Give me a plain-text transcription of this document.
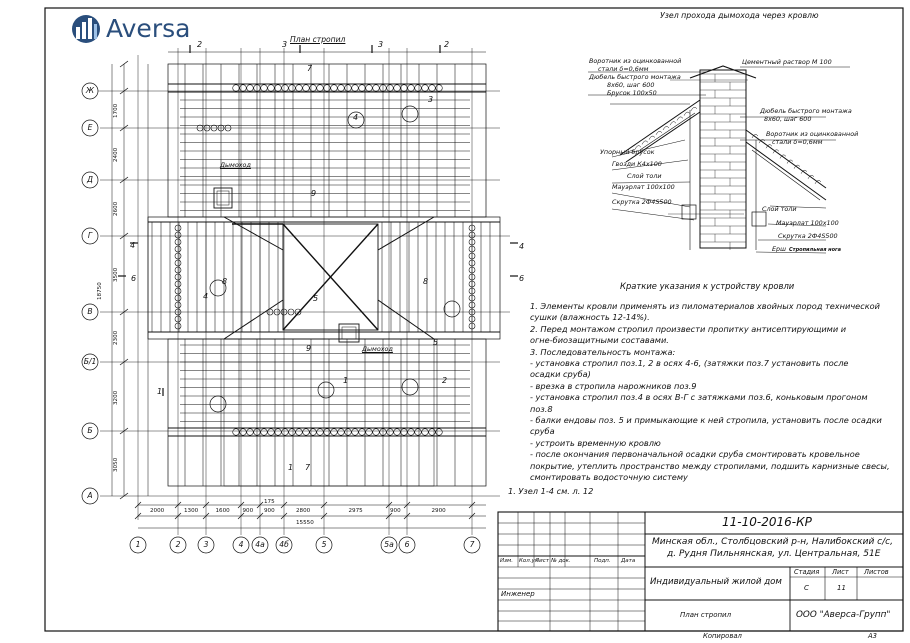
Aversa	План стропил
Дымоход
Дымоход
2	3	3	2
7
4
3
9
6	6
4
4
4
8	8
5
5
9
1	2
1
1 7
1700
2400
2600
3500
2300
3200
3050
18750
2000	1300	1600 900 900	2800	2975	900	2900
15550
175
Ж
Е
Д
Г
В
Б/1
Б
А
1	2	3	4	4а	4б	5	5а	6	7
Узел прохода дымохода через кровлю
Воротник из оцинкованной
стали δ=0,6мм
Дюбель быстрого монтажа
8х60, шаг 600
Брусок 100х50
Упорный брусок
Гвозди К4х100
Слой толи
Мауэрлат 100х100
Скрутка 2Ф4S500
Цементный раствор М 100
Дюбель быстрого монтажа
8х60, шаг 600
Воротник из оцинкованной
стали δ=0,6мм
Слой толи
Мауэрлат 100х100
Скрутка 2Ф4S500
Ерш Стропильная нога
Краткие указания к устройству кровли
1. Элементы кровли применять из пиломатериалов хвойных пород технической
сушки (влажность 12-14%).
2. Перед монтажом стропил произвести пропитку антисептирующими и
огне-биозащитными составами.
3. Последовательность монтажа:
- установка стропил поз.1, 2 в осях 4-6, (затяжки поз.7 установить после
осадки сруба)
- врезка в стропила нарожников поз.9
- установка стропил поз.4 в осях В-Г с затяжками поз.6, коньковым прогоном
поз.8
- балки ендовы поз. 5 и примыкающие к ней стропила, установить после осадки
сруба
- устроить временную кровлю
- после окончания первоначальной осадки сруба смонтировать кровельное
покрытие, утеплить пространство между стропилами, подшить карнизные свесы,
смонтировать водосточную систему
1. Узел 1-4 см. л. 12
11-10-2016-КР
Минская обл., Столбцовский р-н, Налибокский с/с,
д. Рудня Пильнянская, ул. Центральная, 51Е
Изм. Кол.уч
Лист № док.	Подп. Дата
Индивидуальный жилой дом
Стадия Лист Листов
С	11
Инженер
План стропил	ООО "Аверса-Групп"
Копировал	А3
